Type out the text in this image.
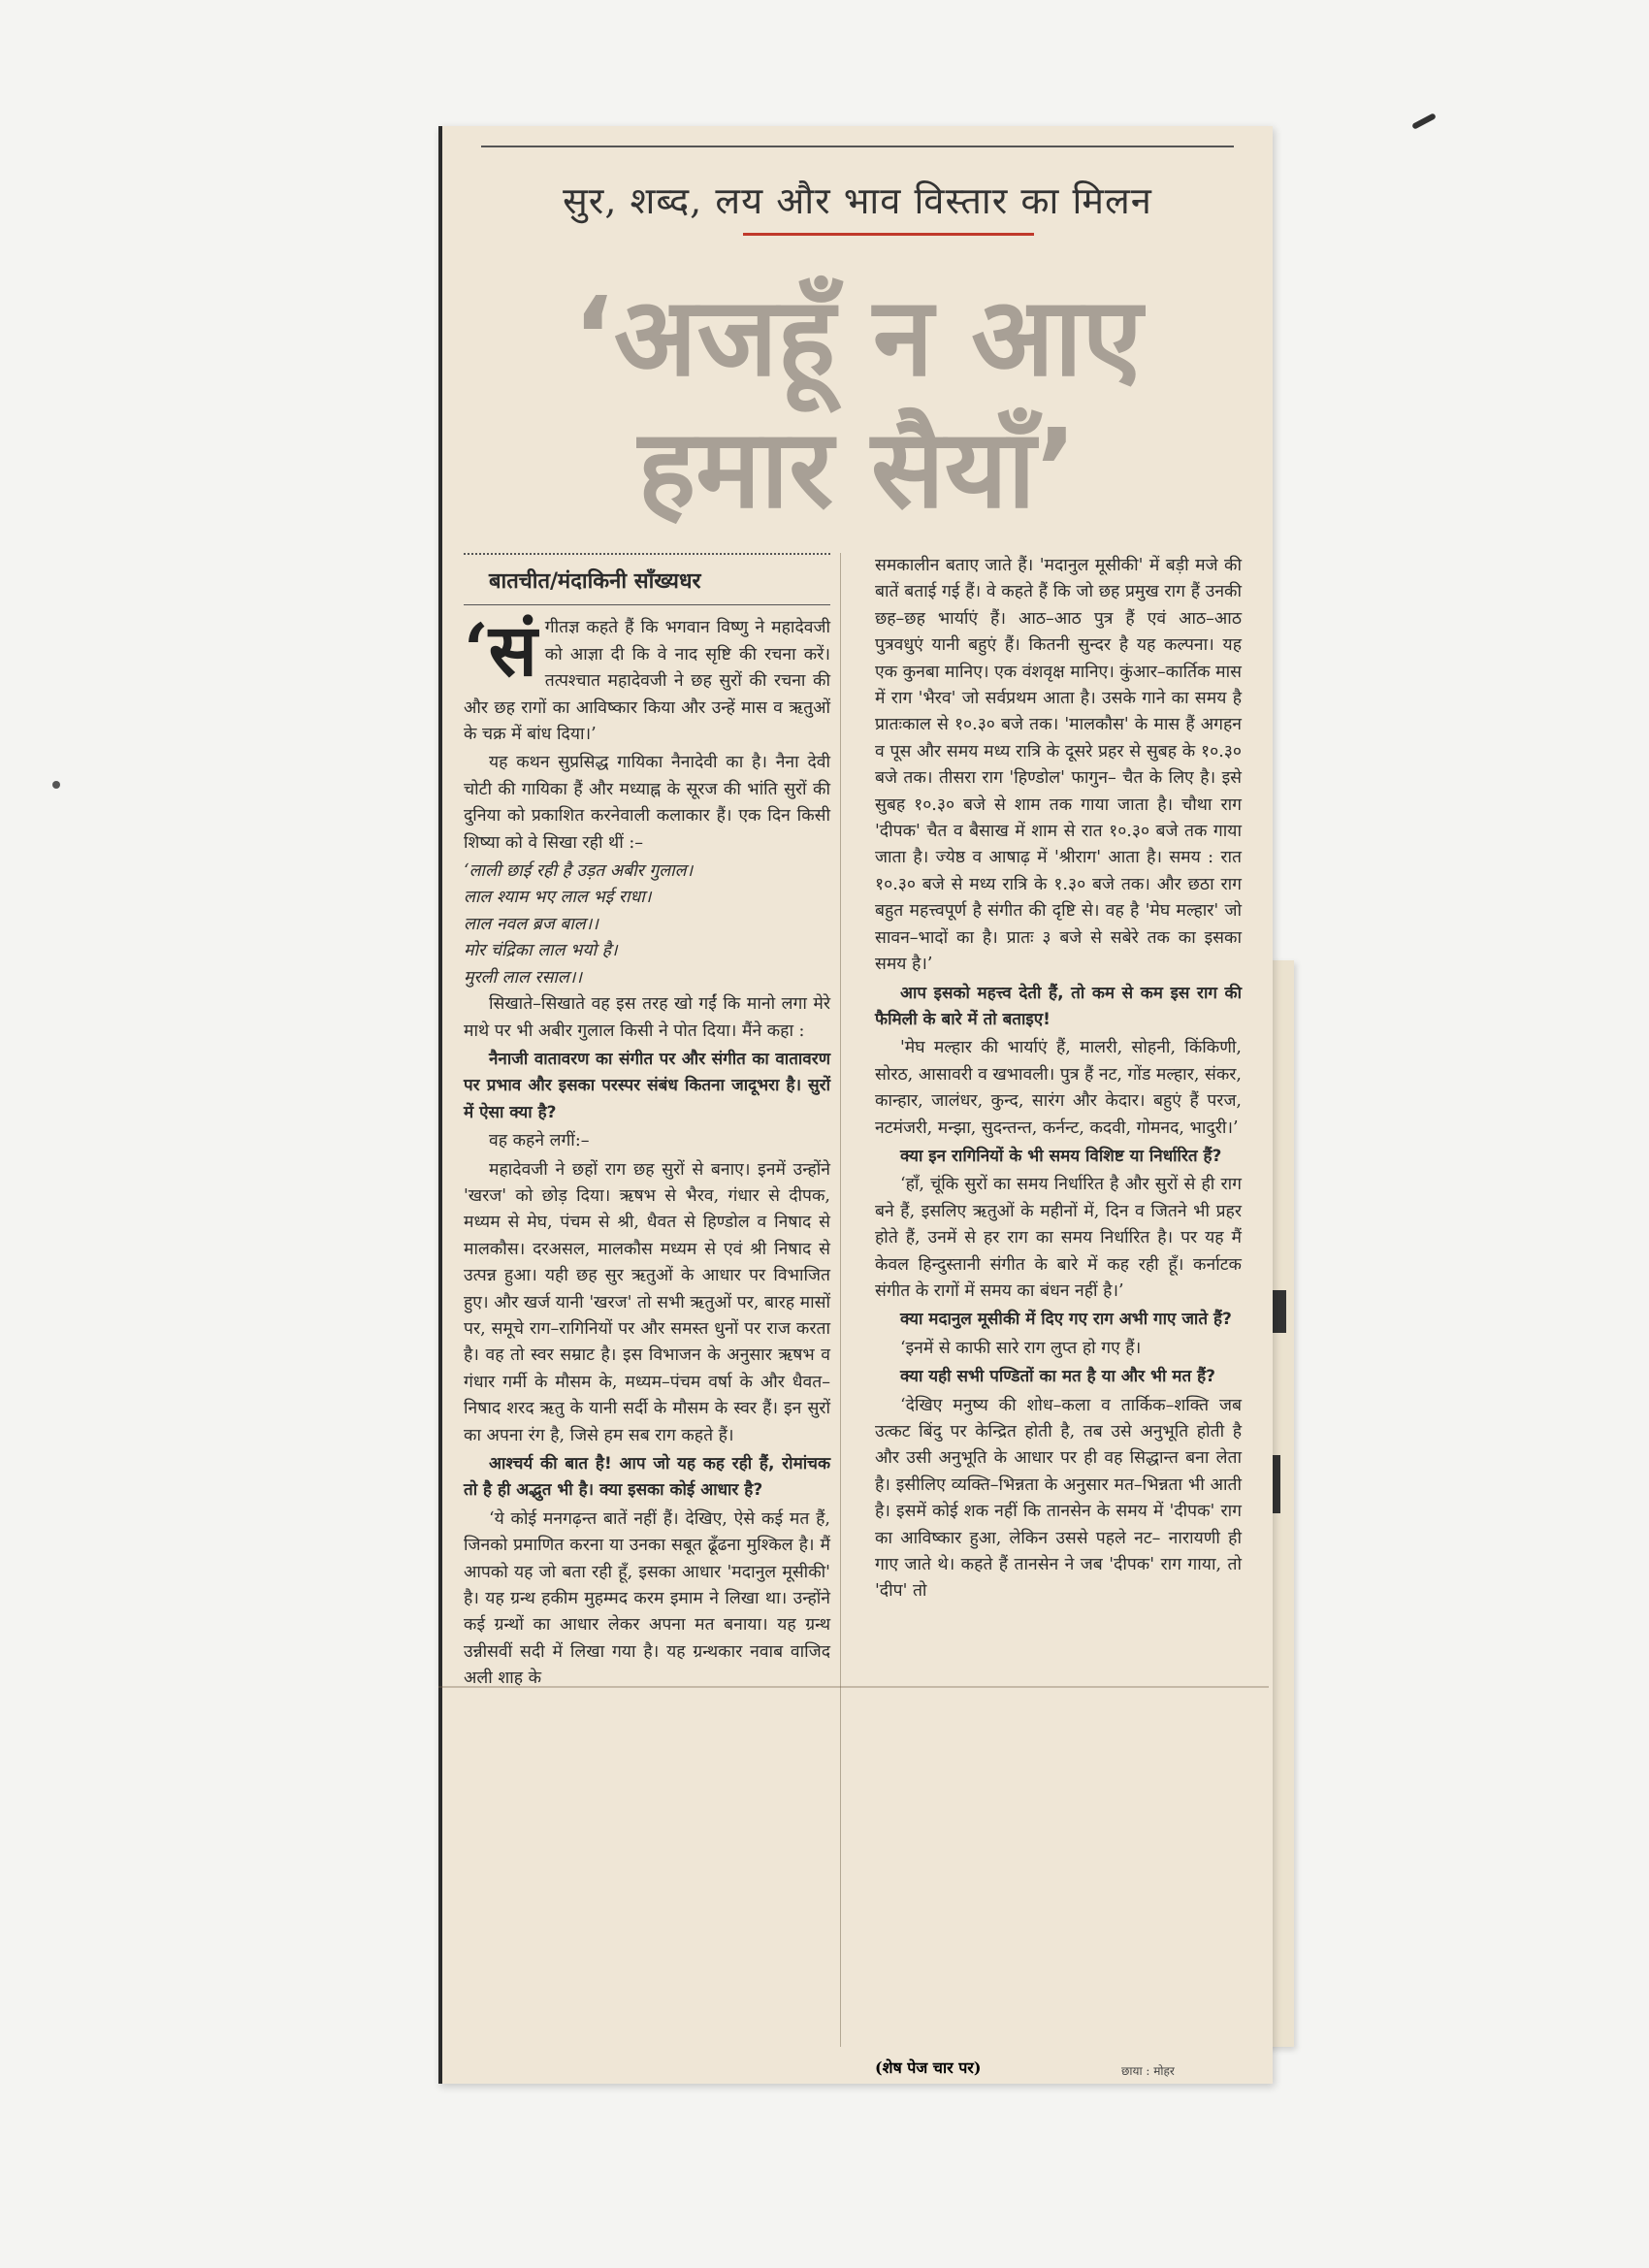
सुर, शब्द, लय और भाव विस्तार का मिलन
‘अजहूँ न आए
हमार सैयाँ’
बातचीत/मंदाकिनी साँख्यधर

‘संगीतज्ञ कहते हैं कि भगवान विष्णु ने महादेवजी को आज्ञा दी कि वे नाद सृष्टि की रचना करें। तत्पश्चात महादेवजी ने छह सुरों की रचना की और छह रागों का आविष्कार किया और उन्हें मास व ऋतुओं के चक्र में बांध दिया।’

यह कथन सुप्रसिद्ध गायिका नैनादेवी का है। नैना देवी चोटी की गायिका हैं और मध्याह्न के सूरज की भांति सुरों की दुनिया को प्रकाशित करनेवाली कलाकार हैं। एक दिन किसी शिष्या को वे सिखा रही थीं :–

‘लाली छाई रही है उड़त अबीर गुलाल।
लाल श्याम भए लाल भई राधा।
लाल नवल ब्रज बाल।।
मोर चंद्रिका लाल भयो है।
मुरली लाल रसाल।।

सिखाते–सिखाते वह इस तरह खो गईं कि मानो लगा मेरे माथे पर भी अबीर गुलाल किसी ने पोत दिया। मैंने कहा :

नैनाजी वातावरण का संगीत पर और संगीत का वातावरण पर प्रभाव और इसका परस्पर संबंध कितना जादूभरा है। सुरों में ऐसा क्या है?

वह कहने लगीं:–

महादेवजी ने छहों राग छह सुरों से बनाए। इनमें उन्होंने 'खरज' को छोड़ दिया। ऋषभ से भैरव, गंधार से दीपक, मध्यम से मेघ, पंचम से श्री, धैवत से हिण्डोल व निषाद से मालकौस। दरअसल, मालकौस मध्यम से एवं श्री निषाद से उत्पन्न हुआ। यही छह सुर ऋतुओं के आधार पर विभाजित हुए। और खर्ज यानी 'खरज' तो सभी ऋतुओं पर, बारह मासों पर, समूचे राग–रागिनियों पर और समस्त धुनों पर राज करता है। वह तो स्वर सम्राट है। इस विभाजन के अनुसार ऋषभ व गंधार गर्मी के मौसम के, मध्यम–पंचम वर्षा के और धैवत–निषाद शरद ऋतु के यानी सर्दी के मौसम के स्वर हैं। इन सुरों का अपना रंग है, जिसे हम सब राग कहते हैं।

आश्चर्य की बात है! आप जो यह कह रही हैं, रोमांचक तो है ही अद्भुत भी है। क्या इसका कोई आधार है?

‘ये कोई मनगढ़न्त बातें नहीं हैं। देखिए, ऐसे कई मत हैं, जिनको प्रमाणित करना या उनका सबूत ढूँढना मुश्किल है। मैं आपको यह जो बता रही हूँ, इसका आधार 'मदानुल मूसीकी' है। यह ग्रन्थ हकीम मुहम्मद करम इमाम ने लिखा था। उन्होंने कई ग्रन्थों का आधार लेकर अपना मत बनाया। यह ग्रन्थ उन्नीसवीं सदी में लिखा गया है। यह ग्रन्थकार नवाब वाजिद अली शाह के

समकालीन बताए जाते हैं। 'मदानुल मूसीकी' में बड़ी मजे की बातें बताई गई हैं। वे कहते हैं कि जो छह प्रमुख राग हैं उनकी छह–छह भार्याएं हैं। आठ–आठ पुत्र हैं एवं आठ–आठ पुत्रवधुएं यानी बहुएं हैं। कितनी सुन्दर है यह कल्पना। यह एक कुनबा मानिए। एक वंशवृक्ष मानिए। कुंआर–कार्तिक मास में राग 'भैरव' जो सर्वप्रथम आता है। उसके गाने का समय है प्रातःकाल से १०.३० बजे तक। 'मालकौस' के मास हैं अगहन व पूस और समय मध्य रात्रि के दूसरे प्रहर से सुबह के १०.३० बजे तक। तीसरा राग 'हिण्डोल' फागुन– चैत के लिए है। इसे सुबह १०.३० बजे से शाम तक गाया जाता है। चौथा राग 'दीपक' चैत व बैसाख में शाम से रात १०.३० बजे तक गाया जाता है। ज्येष्ठ व आषाढ़ में 'श्रीराग' आता है। समय : रात १०.३० बजे से मध्य रात्रि के १.३० बजे तक। और छठा राग बहुत महत्त्वपूर्ण है संगीत की दृष्टि से। वह है 'मेघ मल्हार' जो सावन–भादों का है। प्रातः ३ बजे से सबेरे तक का इसका समय है।’

आप इसको महत्त्व देती हैं, तो कम से कम इस राग की फैमिली के बारे में तो बताइए!

'मेघ मल्हार की भार्याएं हैं, मालरी, सोहनी, किंकिणी, सोरठ, आसावरी व खभावली। पुत्र हैं नट, गोंड मल्हार, संकर, कान्हार, जालंधर, कुन्द, सारंग और केदार। बहुएं हैं परज, नटमंजरी, मन्झा, सुदन्तन्त, कर्नन्ट, कदवी, गोमनद, भादुरी।’

क्या इन रागिनियों के भी समय विशिष्ट या निर्धारित हैं?

‘हाँ, चूंकि सुरों का समय निर्धारित है और सुरों से ही राग बने हैं, इसलिए ऋतुओं के महीनों में, दिन व जितने भी प्रहर होते हैं, उनमें से हर राग का समय निर्धारित है। पर यह मैं केवल हिन्दुस्तानी संगीत के बारे में कह रही हूँ। कर्नाटक संगीत के रागों में समय का बंधन नहीं है।’

क्या मदानुल मूसीकी में दिए गए राग अभी गाए जाते हैं?

‘इनमें से काफी सारे राग लुप्त हो गए हैं।

क्या यही सभी पण्डितों का मत है या और भी मत हैं?

‘देखिए मनुष्य की शोध–कला व तार्किक–शक्ति जब उत्कट बिंदु पर केन्द्रित होती है, तब उसे अनुभूति होती है और उसी अनुभूति के आधार पर ही वह सिद्धान्त बना लेता है। इसीलिए व्यक्ति–भिन्नता के अनुसार मत–भिन्नता भी आती है। इसमें कोई शक नहीं कि तानसेन के समय में 'दीपक' राग का आविष्कार हुआ, लेकिन उससे पहले नट– नारायणी ही गाए जाते थे। कहते हैं तानसेन ने जब 'दीपक' राग गाया, तो 'दीप' तो

(शेष पेज चार पर)	छाया : मोहर
